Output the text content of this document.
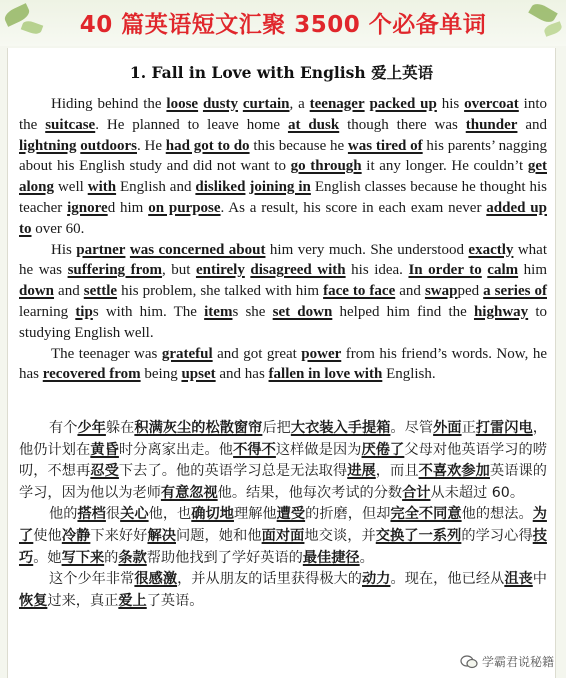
40 篇英语短文汇聚 3500 个必备单词
1. Fall in Love with English 爱上英语

Hiding behind the loose dusty curtain, a teenager packed up his overcoat into the suitcase. He planned to leave home at dusk though there was thunder and lightning outdoors. He had got to do this because he was tired of his parents’ nagging about his English study and did not want to go through it any longer. He couldn’t get along well with English and disliked joining in English classes because he thought his teacher ignored him on purpose. As a result, his score in each exam never added up to over 60.

His partner was concerned about him very much. She understood exactly what he was suffering from, but entirely disagreed with his idea. In order to calm him down and settle his problem, she talked with him face to face and swapped a series of learning tips with him. The items she set down helped him find the highway to studying English well.

The teenager was grateful and got great power from his friend’s words. Now, he has recovered from being upset and has fallen in love with English.

有个少年躲在积满灰尘的松散窗帘后把大衣装入手提箱。尽管外面正打雷闪电，他仍计划在黄昏时分离家出走。他不得不这样做是因为厌倦了父母对他英语学习的唠叨，不想再忍受下去了。他的英语学习总是无法取得进展，而且不喜欢参加英语课的学习，因为他以为老师有意忽视他。结果，他每次考试的分数合计从未超过 60。

他的搭档很关心他，也确切地理解他遭受的折磨，但却完全不同意他的想法。为了使他冷静下来好好解决问题，她和他面对面地交谈，并交换了一系列的学习心得技巧。她写下来的条款帮助他找到了学好英语的最佳捷径。

这个少年非常很感激，并从朋友的话里获得极大的动力。现在，他已经从沮丧中恢复过来，真正爱上了英语。

学霸君说秘籍
